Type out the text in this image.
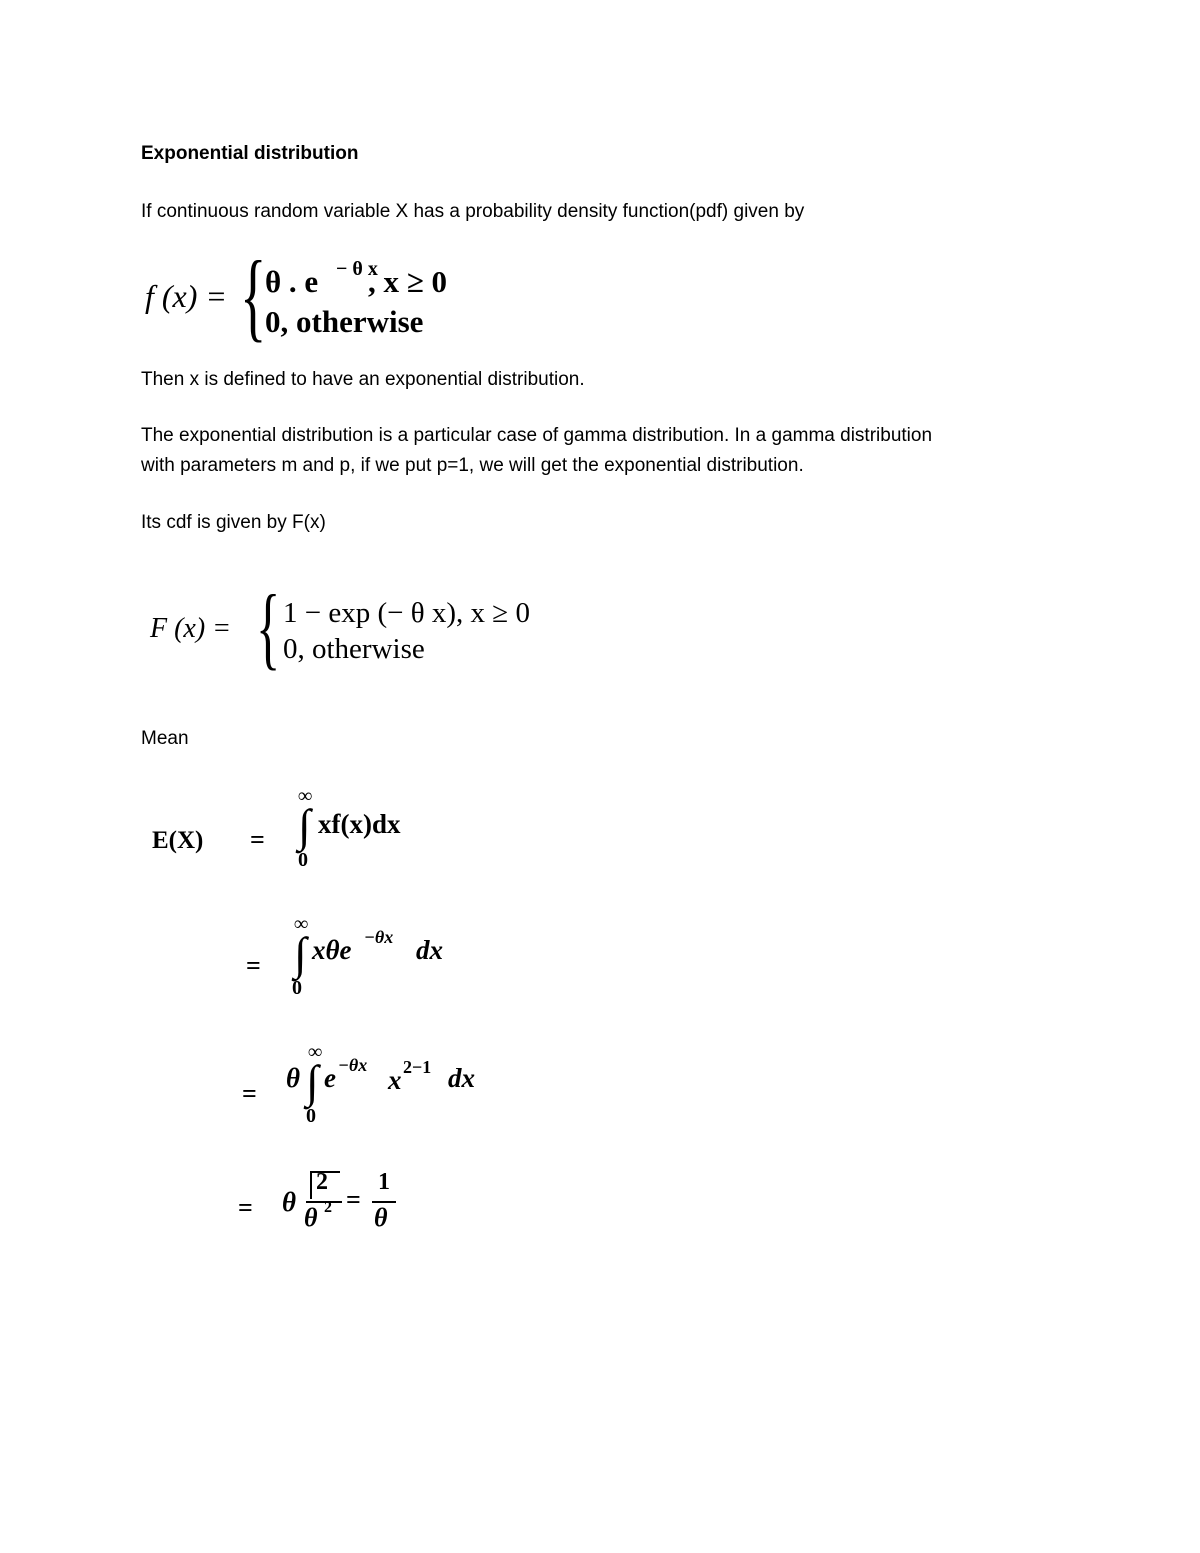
Exponential distribution
If continuous random variable X has a probability density function(pdf) given by
f (x) = {
θ . e − θ x
, x ≥ 0
0, otherwise
Then x is defined to have an exponential distribution.
The exponential distribution is a particular case of gamma distribution. In a gamma distribution
with parameters m and p, if we put p=1, we will get the exponential distribution.
Its cdf is given by F(x)
F (x) = { 1 − exp (− θ x), x ≥ 0
0, otherwise
Mean
E(X) =
∞
∫
0
xf(x)dx
=
∞
∫
0
xθe −θx dx
=
θ
∞
∫
0
e −θx x 2−1 dx
= θ
2
θ 2 =
1
θ
